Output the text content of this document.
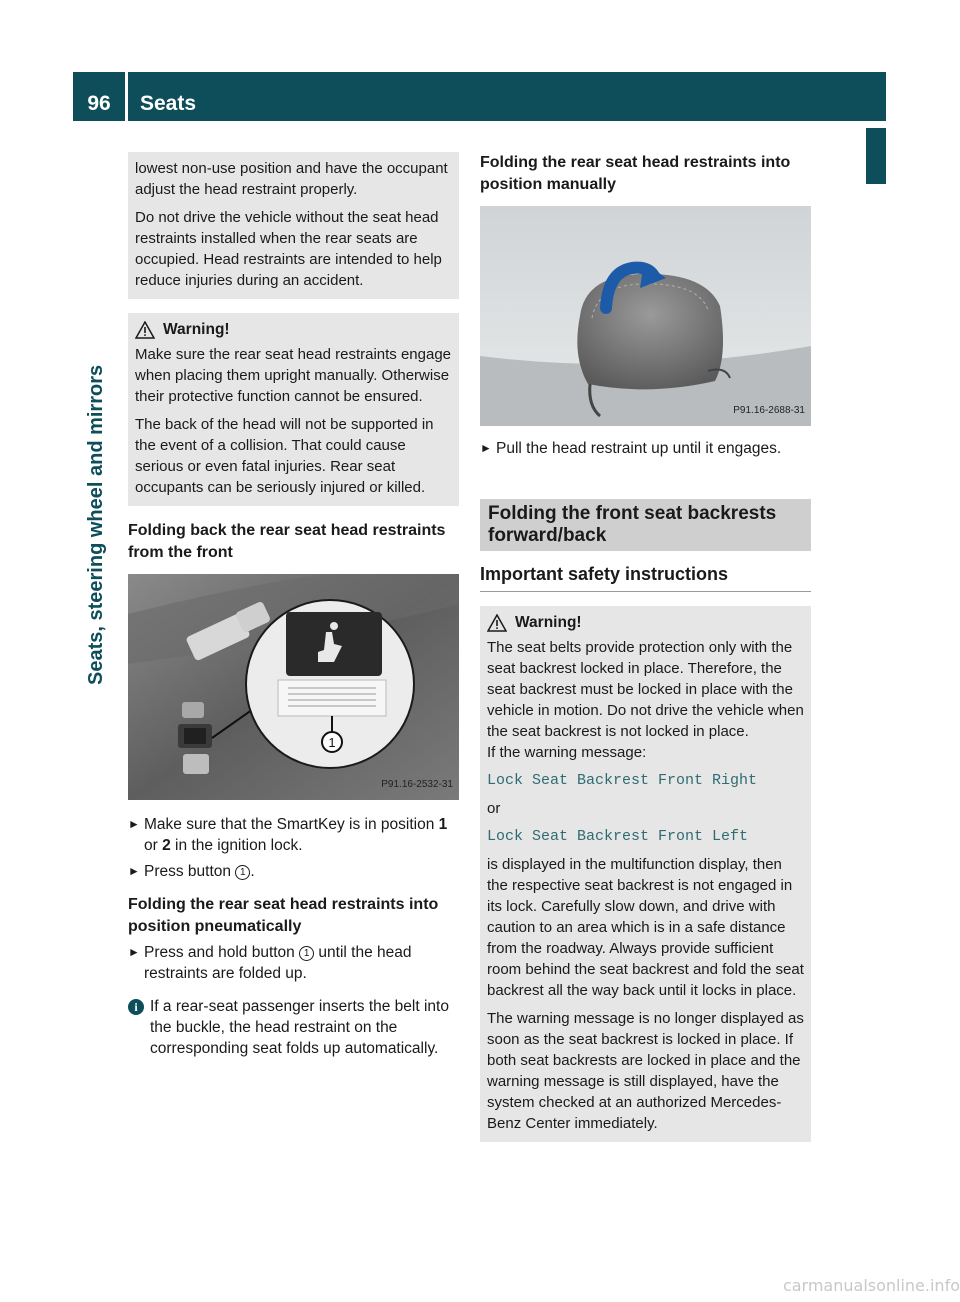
96	Seats
Seats, steering wheel and mirrors

lowest non-use position and have the occupant adjust the head restraint properly.

Do not drive the vehicle without the seat head restraints installed when the rear seats are occupied. Head restraints are intended to help reduce injuries during an accident.

Warning!

Make sure the rear seat head restraints engage when placing them upright manually. Otherwise their protective function cannot be ensured.

The back of the head will not be supported in the event of a collision. That could cause serious or even fatal injuries. Rear seat occupants can be seriously injured or killed.

Folding back the rear seat head restraints from the front

1
P91.16-2532-31
► Make sure that the SmartKey is in position 1 or 2 in the ignition lock.
► Press button 1 .

Folding the rear seat head restraints into position pneumatically

► Press and hold button 1 until the head restraints are folded up.
i If a rear-seat passenger inserts the belt into the buckle, the head restraint on the corresponding seat folds up automatically.

Folding the rear seat head restraints into position manually

P91.16-2688-31
► Pull the head restraint up until it engages.
Folding the front seat backrests forward/back
Important safety instructions
Warning!

The seat belts provide protection only with the seat backrest locked in place. Therefore, the seat backrest must be locked in place with the vehicle in motion. Do not drive the vehicle when the seat backrest is not locked in place.

If the warning message:

Lock Seat Backrest Front Right

or

Lock Seat Backrest Front Left

is displayed in the multifunction display, then the respective seat backrest is not engaged in its lock. Carefully slow down, and drive with caution to an area which is in a safe distance from the roadway. Always provide sufficient room behind the seat backrest and fold the seat backrest all the way back until it locks in place.

The warning message is no longer displayed as soon as the seat backrest is locked in place. If both seat backrests are locked in place and the warning message is still displayed, have the system checked at an authorized Mercedes-Benz Center immediately.

carmanualsonline.info
